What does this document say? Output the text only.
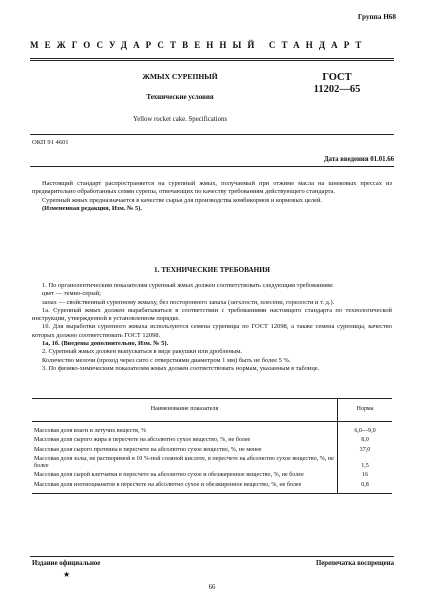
Группа Н68
МЕЖГОСУДАРСТВЕННЫЙ СТАНДАРТ
ЖМЫХ СУРЕПНЫЙ
Технические условия
ГОСТ
11202—65
Yellow rocket cake. Specifications
ОКП 91 4601
Дата введения 01.01.66
Настоящий стандарт распространяется на сурепный жмых, получаемый при отжиме масла на шнековых прессах из предварительно обработанных семян сурепы, отвечающих по качеству требованиям действующего стандарта.
Сурепный жмых предназначается в качестве сырья для производства комбикормов и кормовых целей.
(Измененная редакция, Изм. № 5).
1. ТЕХНИЧЕСКИЕ ТРЕБОВАНИЯ
1. По органолептическим показателям сурепный жмых должен соответствовать следующим требованиям:
цвет — темно-серый;
запах — свойственный сурепному жмыху, без постороннего запаха (затхлости, плесени, горелости и т. д.).
1а. Сурепный жмых должен вырабатываться в соответствии с требованиями настоящего стандарта по технологической инструкции, утвержденной в установленном порядке.
1б. Для выработки сурепного жмыха используются семена сурепицы по ГОСТ 12098, а также семена сурепицы, качество которых должно соответствовать ГОСТ 12098.
1а, 1б. (Введены дополнительно, Изм. № 5).
2. Сурепный жмых должен выпускаться в виде ракушки или дробленым.
Количество мелочи (проход через сито с отверстиями диаметром 1 мм) быть не более 5 %.
3. По физико-химическим показателям жмых должен соответствовать нормам, указанным в таблице.
Наименование показателя	Норма
Массовая доля влаги и летучих веществ, %	6,0—9,0
Массовая доля сырого жира в пересчете на абсолютно сухое вещество, %, не более	8,0
Массовая доля сырого протеина в пересчете на абсолютно сухое вещество, %, не менее	37,0
Массовая доля золы, не растворимой в 10 %-ной соляной кислоте, в пересчете на абсолютно сухое вещество, %, не более	1,5
Массовая доля сырой клетчатки в пересчете на абсолютно сухое и обезжиренное вещество, %, не более	16
Массовая доля изотиоцианатов в пересчете на абсолютно сухое и обезжиренное вещество, %, не более	0,8
Издание официальное
★
Перепечатка воспрещена
66
